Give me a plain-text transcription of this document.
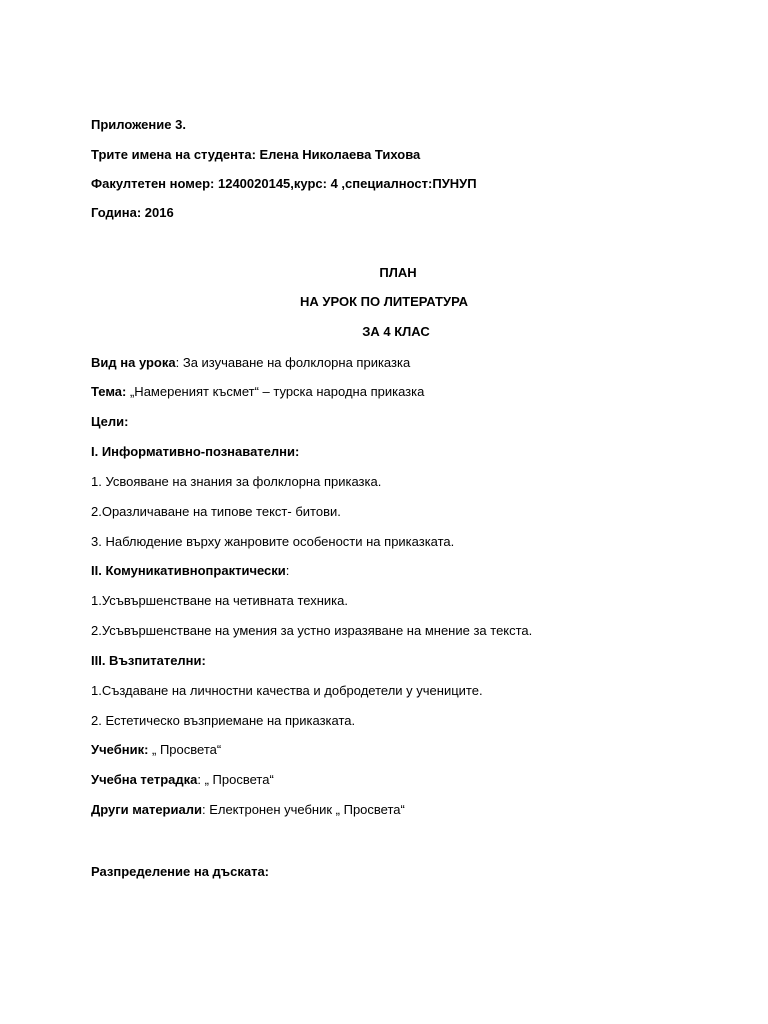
Приложение 3.
Трите имена на студента: Елена Николаева Тихова
Факултетен номер: 1240020145,курс: 4 ,специалност:ПУНУП
Година: 2016
ПЛАН
НА УРОК ПО ЛИТЕРАТУРА
ЗА 4 КЛАС
Вид на урока: За изучаване на фолклорна приказка
Тема: „Намереният късмет“ – турска народна приказка
Цели:
I. Информативно-познавателни:
1. Усвояване на знания за фолклорна приказка.
2.Оразличаване на типове текст- битови.
3. Наблюдение върху жанровите особености на приказката.
II. Комуникативнопрактически:
1.Усъвършенстване на четивната техника.
2.Усъвършенстване на умения за устно изразяване на мнение за текста.
III. Възпитателни:
1.Създаване на личностни качества и добродетели у учениците.
2. Естетическо възприемане на приказката.
Учебник: „ Просвета“
Учебна тетрадка: „ Просвета“
Други материали: Електронен учебник „ Просвета“
Разпределение на дъската:
